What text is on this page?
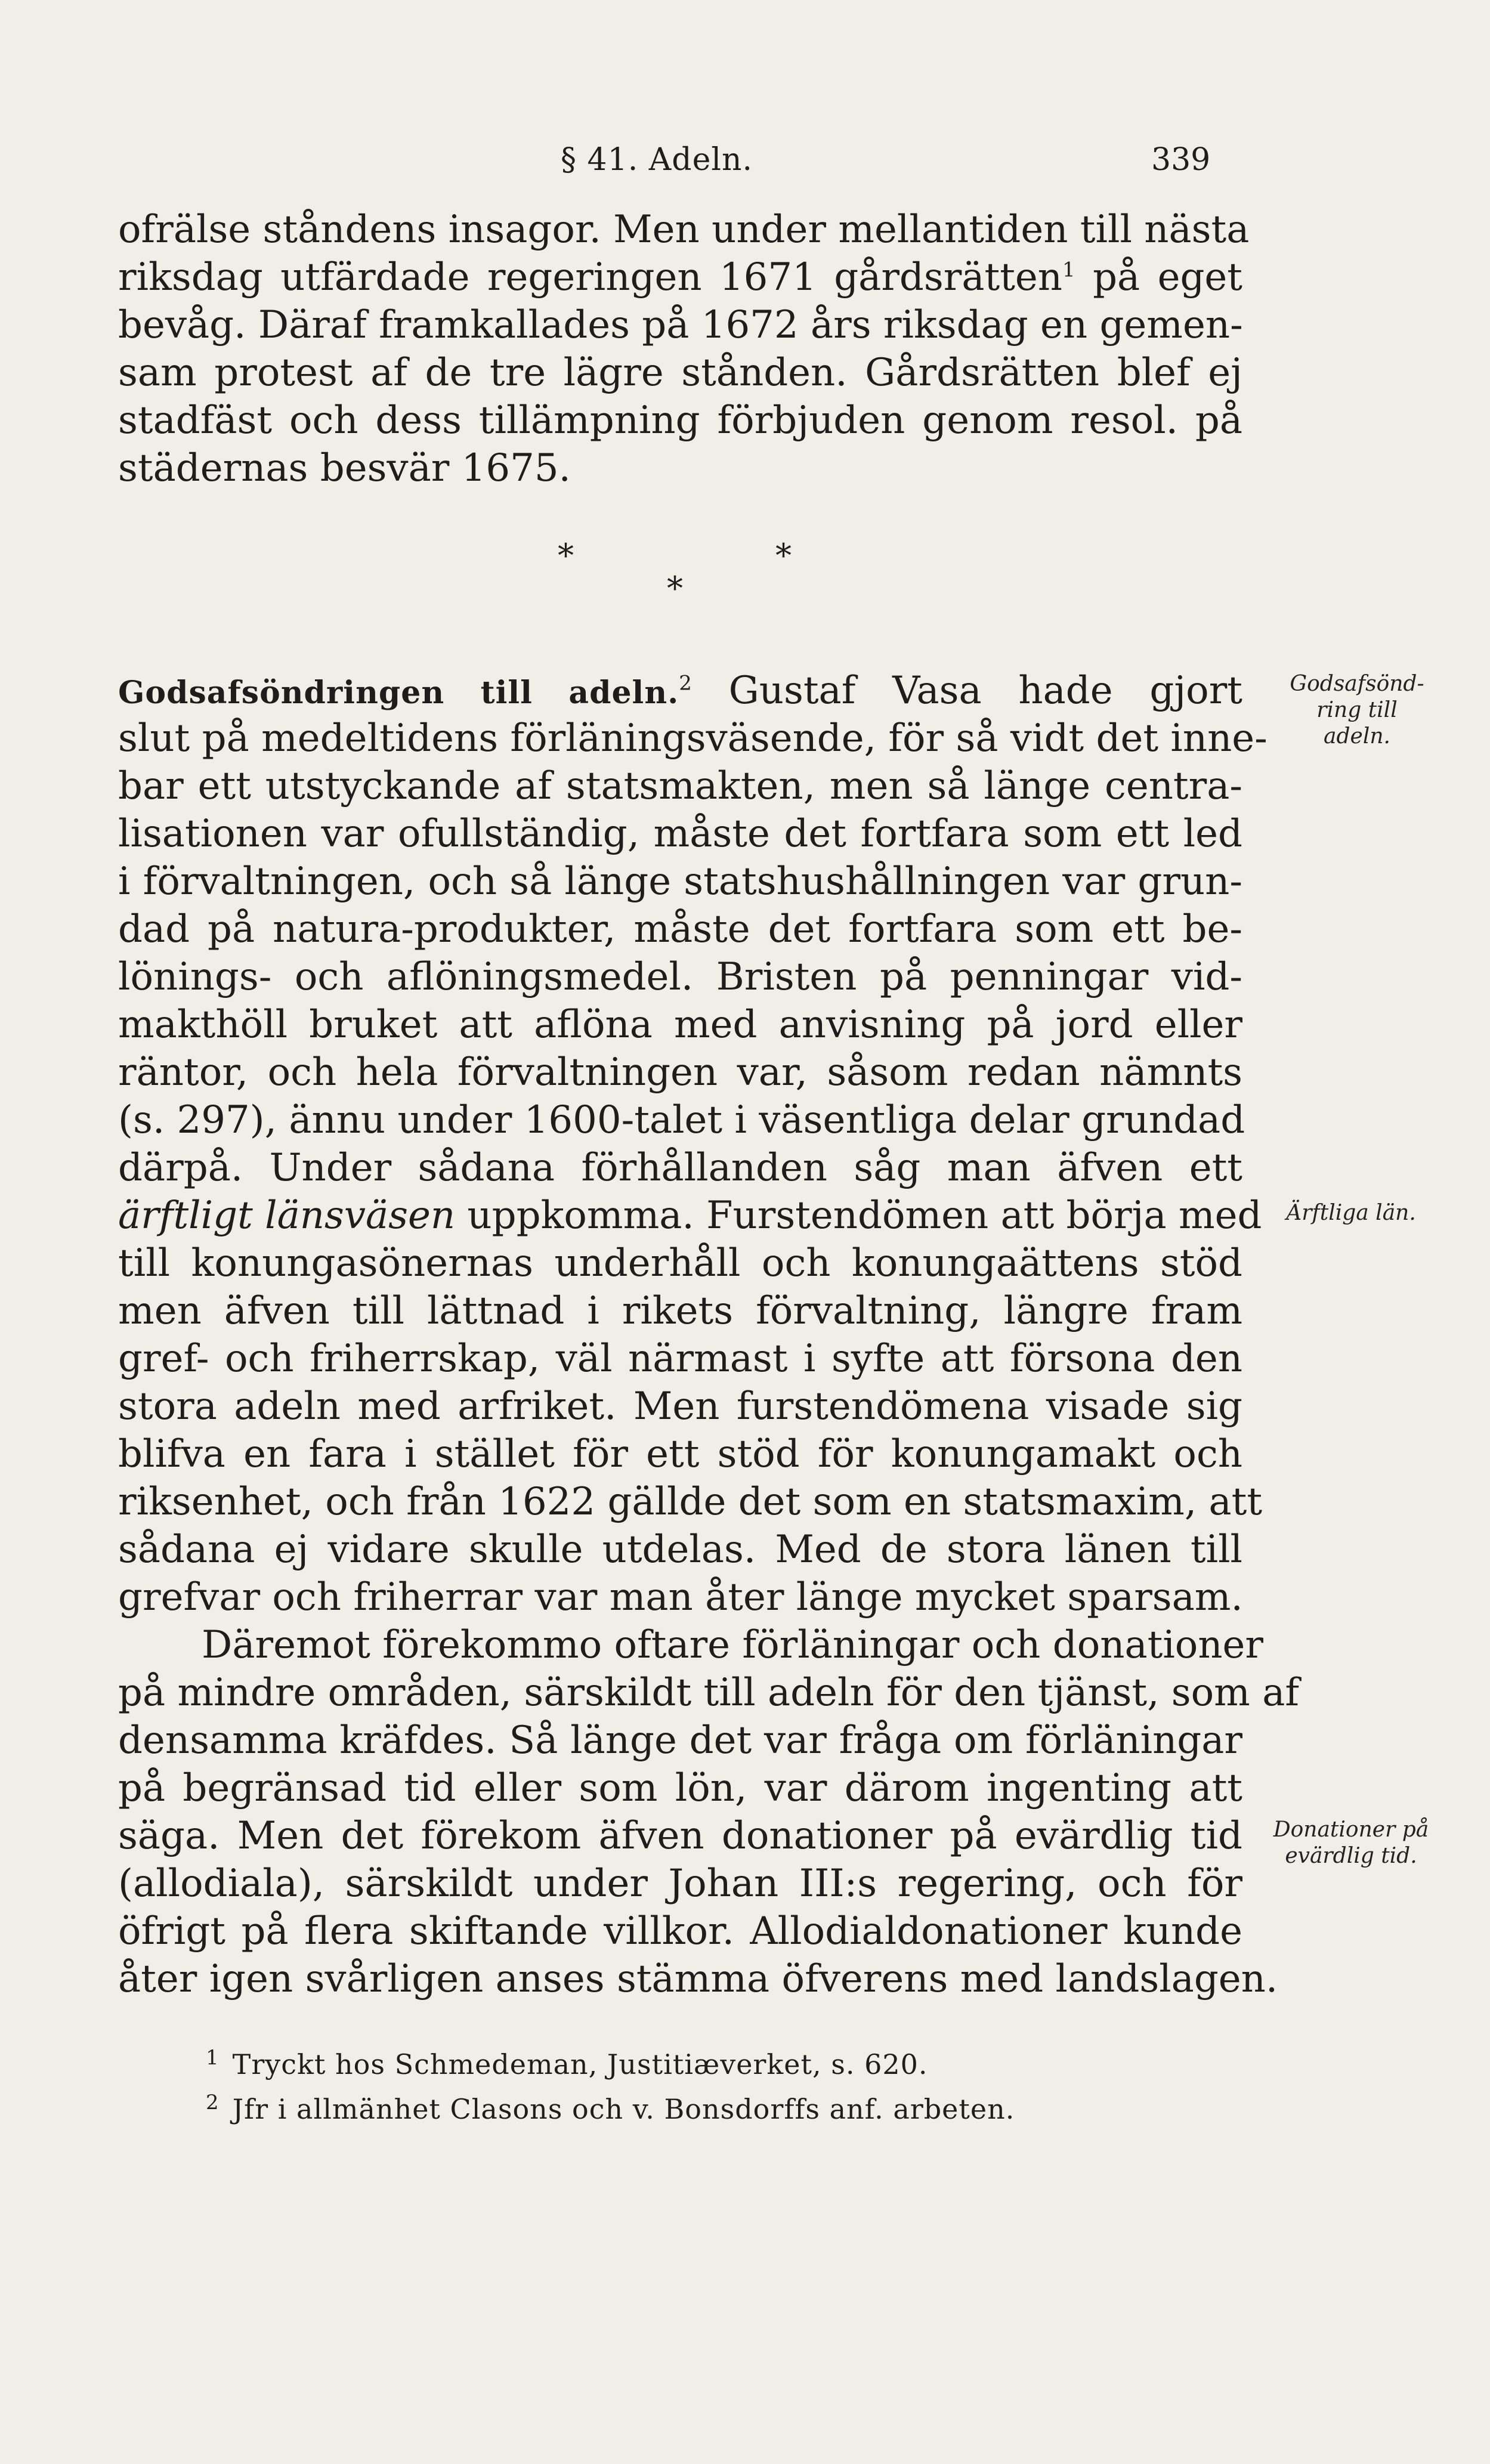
§ 41. Adeln.	339
ofrälse ståndens insagor. Men under mellantiden till nästa
riksdag utfärdade regeringen 1671 gårdsrätten$^1$ på eget
bevåg. Däraf framkallades på 1672 års riksdag en gemen-
sam protest af de tre lägre stånden. Gårdsrätten blef ej
stadfäst och dess tillämpning förbjuden genom resol. på
städernas besvär 1675.
*	*
*
Godsafsöndringen till adeln.$^2$ Gustaf Vasa hade gjort
slut på medeltidens förläningsväsende, för så vidt det inne-
bar ett utstyckande af statsmakten, men så länge centra-
lisationen var ofullständig, måste det fortfara som ett led
i förvaltningen, och så länge statshushållningen var grun-
dad på natura-produkter, måste det fortfara som ett be-
lönings- och aflöningsmedel. Bristen på penningar vid-
makthöll bruket att aflöna med anvisning på jord eller
räntor, och hela förvaltningen var, såsom redan nämnts
(s. 297), ännu under 1600-talet i väsentliga delar grundad
därpå. Under sådana förhållanden såg man äfven ett
ärftligt länsväsen uppkomma. Furstendömen att börja med
till konungasönernas underhåll och konungaättens stöd
men äfven till lättnad i rikets förvaltning, längre fram
gref- och friherrskap, väl närmast i syfte att försona den
stora adeln med arfriket. Men furstendömena visade sig
blifva en fara i stället för ett stöd för konungamakt och
riksenhet, och från 1622 gällde det som en statsmaxim, att
sådana ej vidare skulle utdelas. Med de stora länen till
grefvar och friherrar var man åter länge mycket sparsam.
Däremot förekommo oftare förläningar och donationer
på mindre områden, särskildt till adeln för den tjänst, som af
densamma kräfdes. Så länge det var fråga om förläningar
på begränsad tid eller som lön, var därom ingenting att
säga. Men det förekom äfven donationer på evärdlig tid
(allodiala), särskildt under Johan III:s regering, och för
öfrigt på flera skiftande villkor. Allodialdonationer kunde
åter igen svårligen anses stämma öfverens med landslagen.
Godsafsönd-
ring till
adeln.
Ärftliga län.
Donationer på
evärdlig tid.
$^1$ Tryckt hos Schmedeman, Justitiæverket, s. 620.
$^2$ Jfr i allmänhet Clasons och v. Bonsdorffs anf. arbeten.
